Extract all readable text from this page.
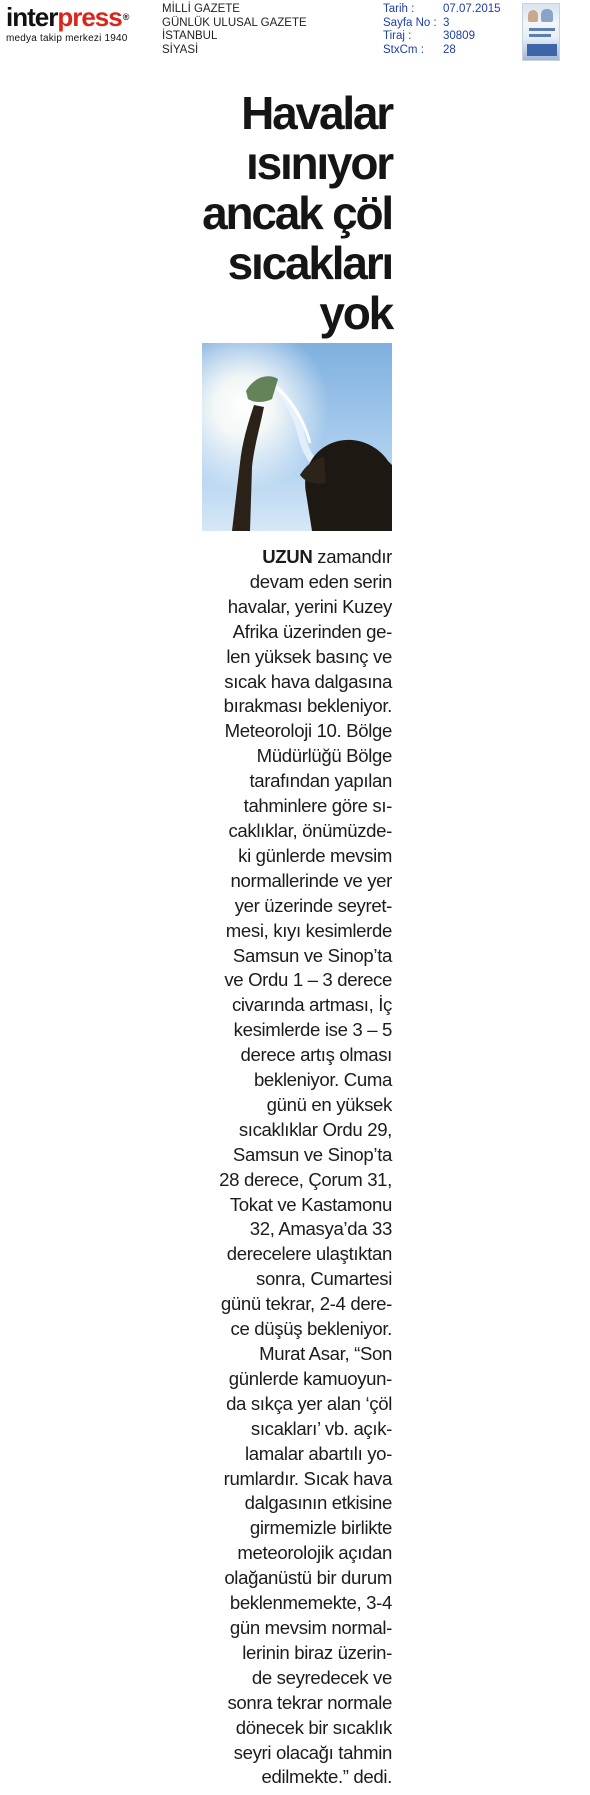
interpress®
medya takip merkezi 1940
MİLLİ GAZETE
GÜNLÜK ULUSAL GAZETE
İSTANBUL
SİYASİ
Tarih :	07.07.2015
Sayfa No : 3
Tiraj :	30809
StxCm :	28
Havalar
ısınıyor
ancak çöl
sıcakları
yok
UZUN zamandır
devam eden serin
havalar, yerini Kuzey
Afrika üzerinden ge-
len yüksek basınç ve
sıcak hava dalgasına
bırakması bekleniyor.
Meteoroloji 10. Bölge
Müdürlüğü Bölge
tarafından yapılan
tahminlere göre sı-
caklıklar, önümüzde-
ki günlerde mevsim
normallerinde ve yer
yer üzerinde seyret-
mesi, kıyı kesimlerde
Samsun ve Sinop’ta
ve Ordu 1 – 3 derece
civarında artması, İç
kesimlerde ise 3 – 5
derece artış olması
bekleniyor. Cuma
günü en yüksek
sıcaklıklar Ordu 29,
Samsun ve Sinop’ta
28 derece, Çorum 31,
Tokat ve Kastamonu
32, Amasya’da 33
derecelere ulaştıktan
sonra, Cumartesi
günü tekrar, 2-4 dere-
ce düşüş bekleniyor.
Murat Asar, “Son
günlerde kamuoyun-
da sıkça yer alan ‘çöl
sıcakları’ vb. açık-
lamalar abartılı yo-
rumlardır. Sıcak hava
dalgasının etkisine
girmemizle birlikte
meteorolojik açıdan
olağanüstü bir durum
beklenmemekte, 3-4
gün mevsim normal-
lerinin biraz üzerin-
de seyredecek ve
sonra tekrar normale
dönecek bir sıcaklık
seyri olacağı tahmin
edilmekte.” dedi.
